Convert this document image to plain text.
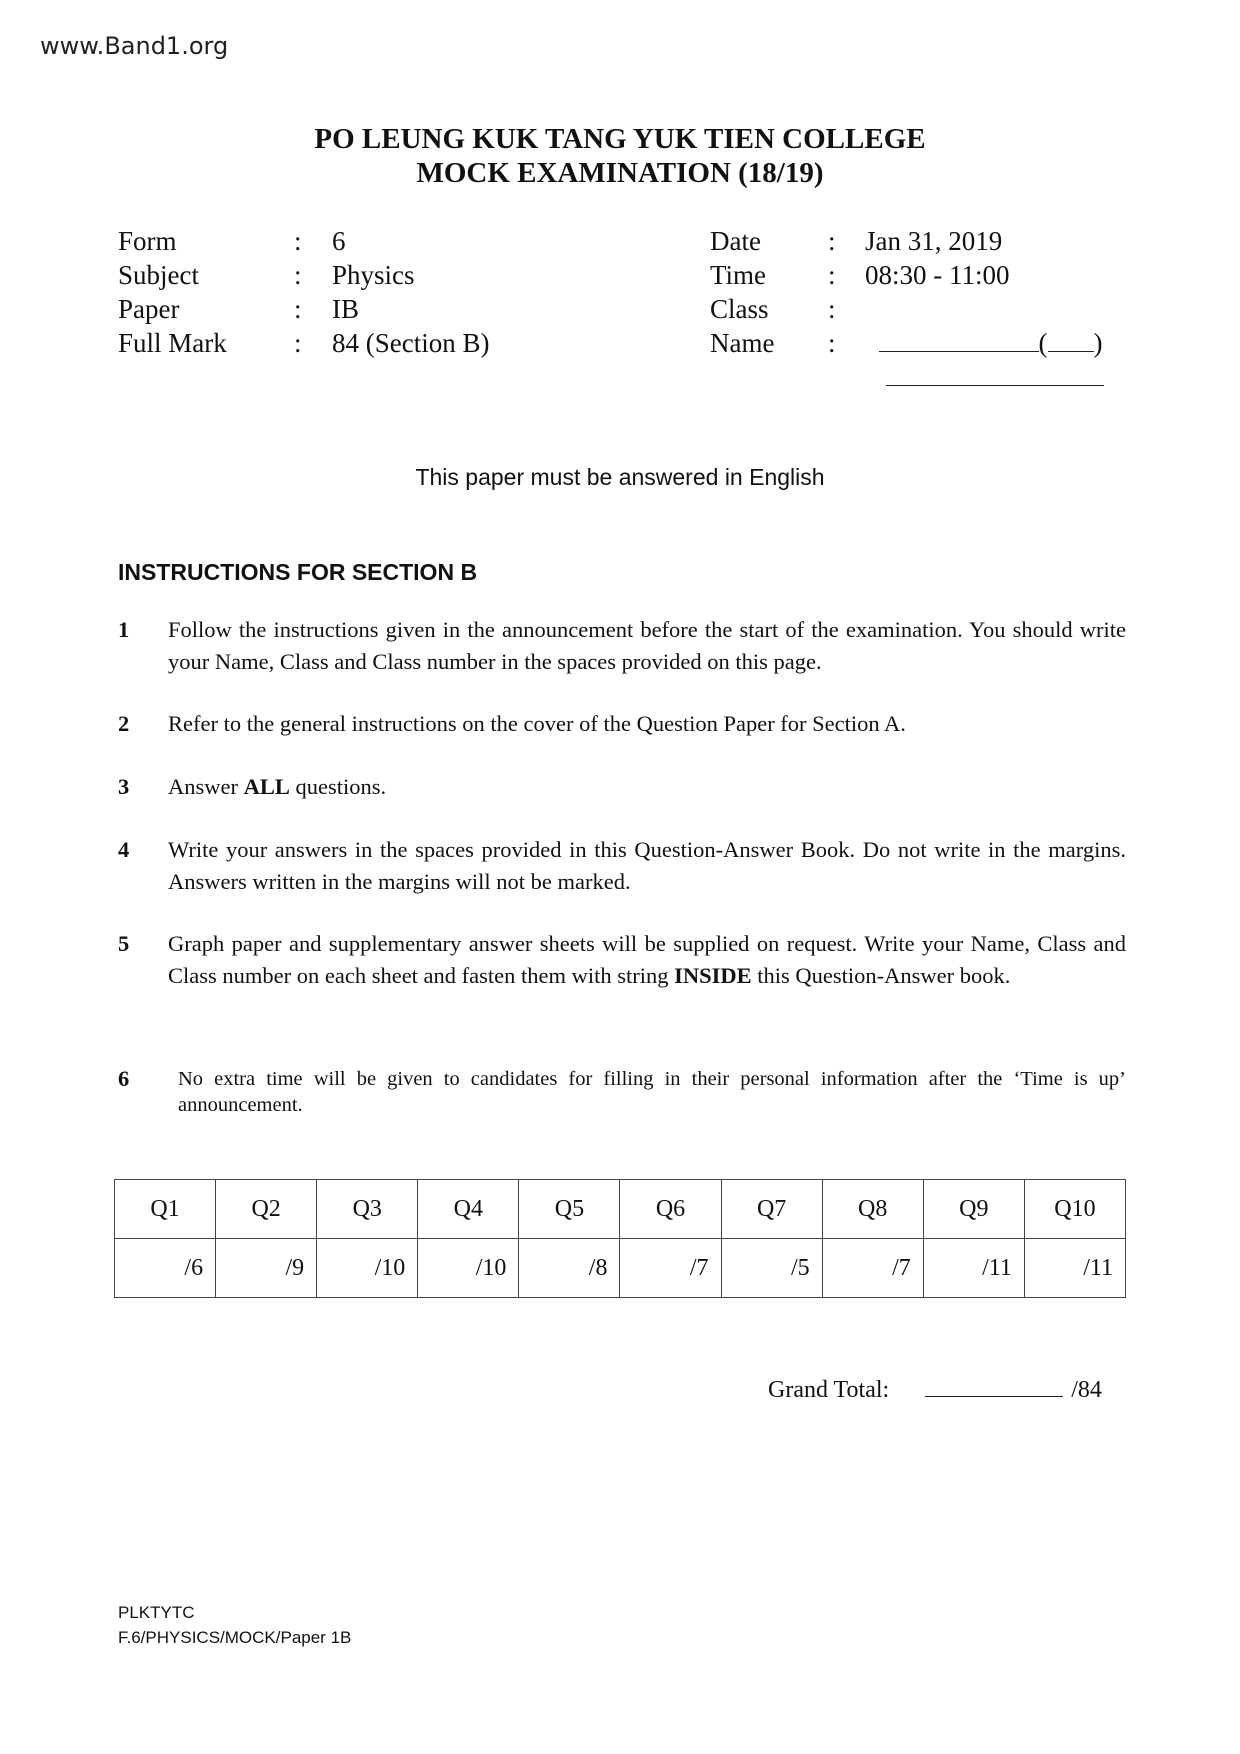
www.Band1.org
PO LEUNG KUK TANG YUK TIEN COLLEGE
MOCK EXAMINATION (18/19)
Form	: 6
Subject	: Physics
Paper	: IB
Full Mark : 84 (Section B)
Date : Jan 31, 2019
Time : 08:30 - 11:00
Class :

( )

Name :

This paper must be answered in English
INSTRUCTIONS FOR SECTION B
1 Follow the instructions given in the announcement before the start of the examination. You should write your Name, Class and Class number in the spaces provided on this page.
2 Refer to the general instructions on the cover of the Question Paper for Section A.
3 Answer ALL questions.
4 Write your answers in the spaces provided in this Question-Answer Book. Do not write in the margins. Answers written in the margins will not be marked.
5 Graph paper and supplementary answer sheets will be supplied on request. Write your Name, Class and Class number on each sheet and fasten them with string INSIDE this Question-Answer book.
6 No extra time will be given to candidates for filling in their personal information after the ‘Time is up’ announcement.
Q1	Q2	Q3	Q4	Q5	Q6	Q7	Q8	Q9	Q10
/6	/9	/10	/10	/8	/7	/5	/7	/11	/11
Grand Total:	/84
PLKTYTC
F.6/PHYSICS/MOCK/Paper 1B
